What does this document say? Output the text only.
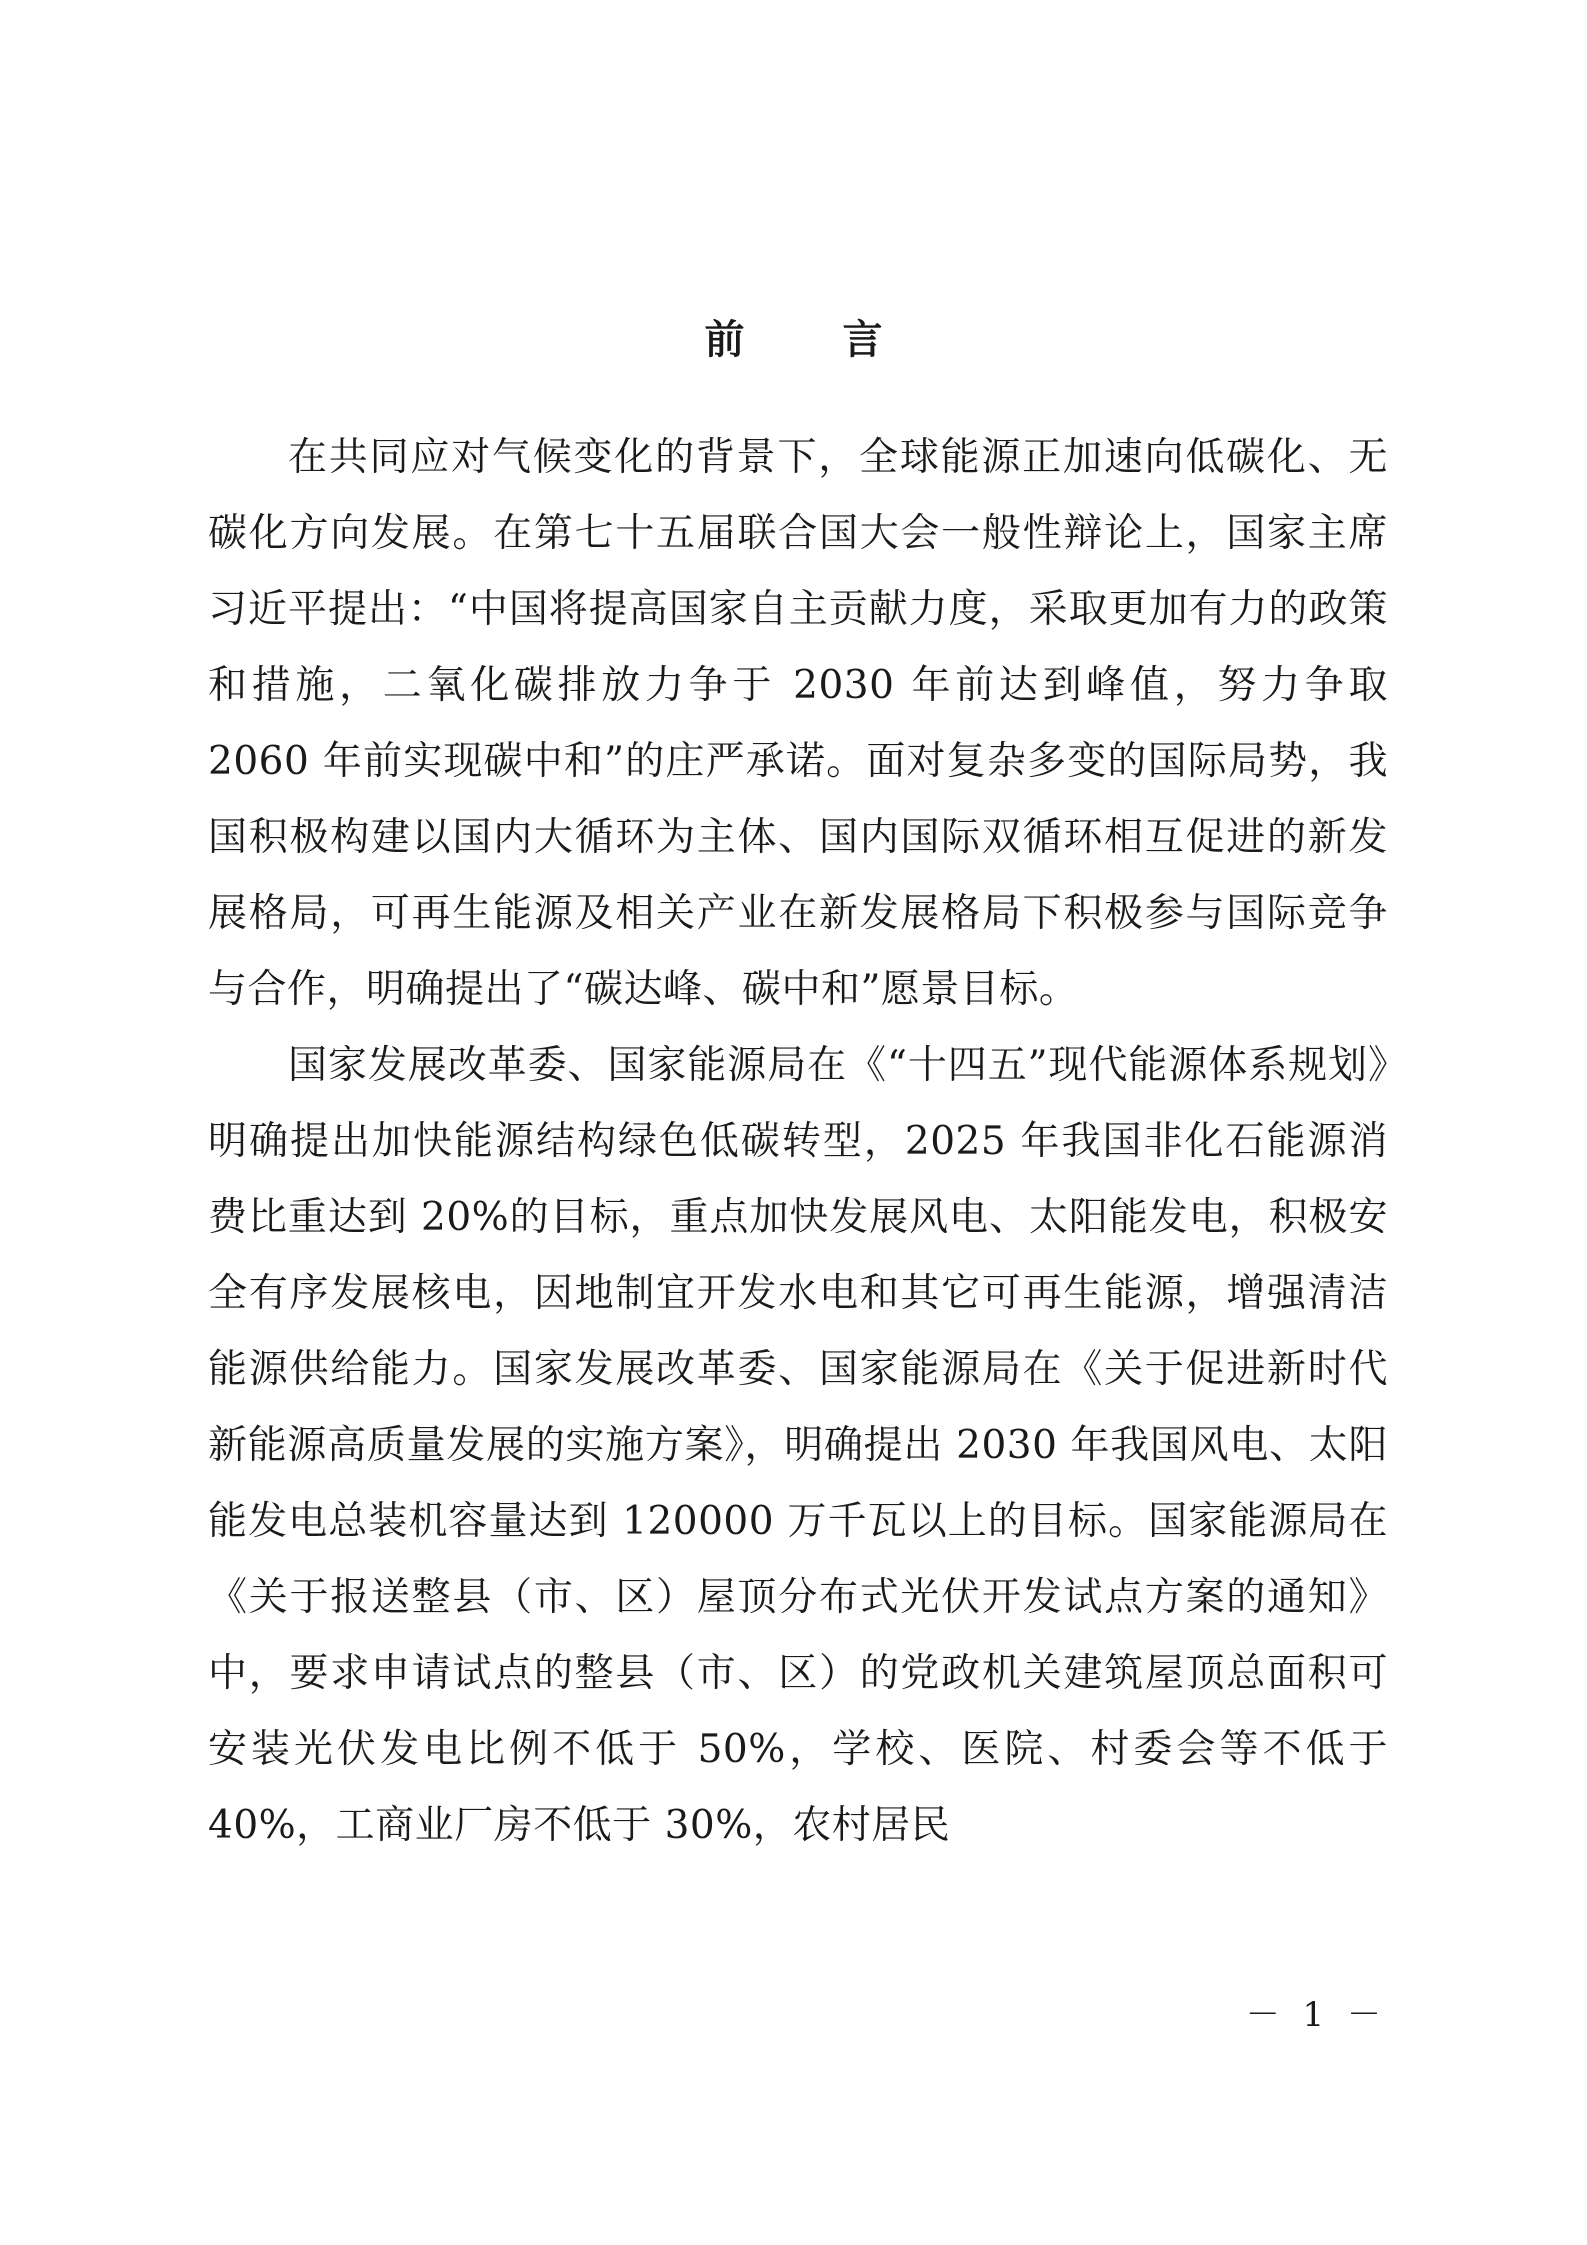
前 言

在共同应对气候变化的背景下，全球能源正加速向低碳化、无碳化方向发展。在第七十五届联合国大会一般性辩论上，国家主席习近平提出：“中国将提高国家自主贡献力度，采取更加有力的政策和措施，二氧化碳排放力争于 2030 年前达到峰值，努力争取 2060 年前实现碳中和”的庄严承诺。面对复杂多变的国际局势，我国积极构建以国内大循环为主体、国内国际双循环相互促进的新发展格局，可再生能源及相关产业在新发展格局下积极参与国际竞争与合作，明确提出了“碳达峰、碳中和”愿景目标。

国家发展改革委、国家能源局在《“十四五”现代能源体系规划》明确提出加快能源结构绿色低碳转型，2025 年我国非化石能源消费比重达到 20%的目标，重点加快发展风电、太阳能发电，积极安全有序发展核电，因地制宜开发水电和其它可再生能源，增强清洁能源供给能力。国家发展改革委、国家能源局在《关于促进新时代新能源高质量发展的实施方案》，明确提出 2030 年我国风电、太阳能发电总装机容量达到 120000 万千瓦以上的目标。国家能源局在《关于报送整县（市、区）屋顶分布式光伏开发试点方案的通知》中，要求申请试点的整县（市、区）的党政机关建筑屋顶总面积可安装光伏发电比例不低于 50%，学校、医院、村委会等不低于 40%，工商业厂房不低于 30%，农村居民

－ 1 －
